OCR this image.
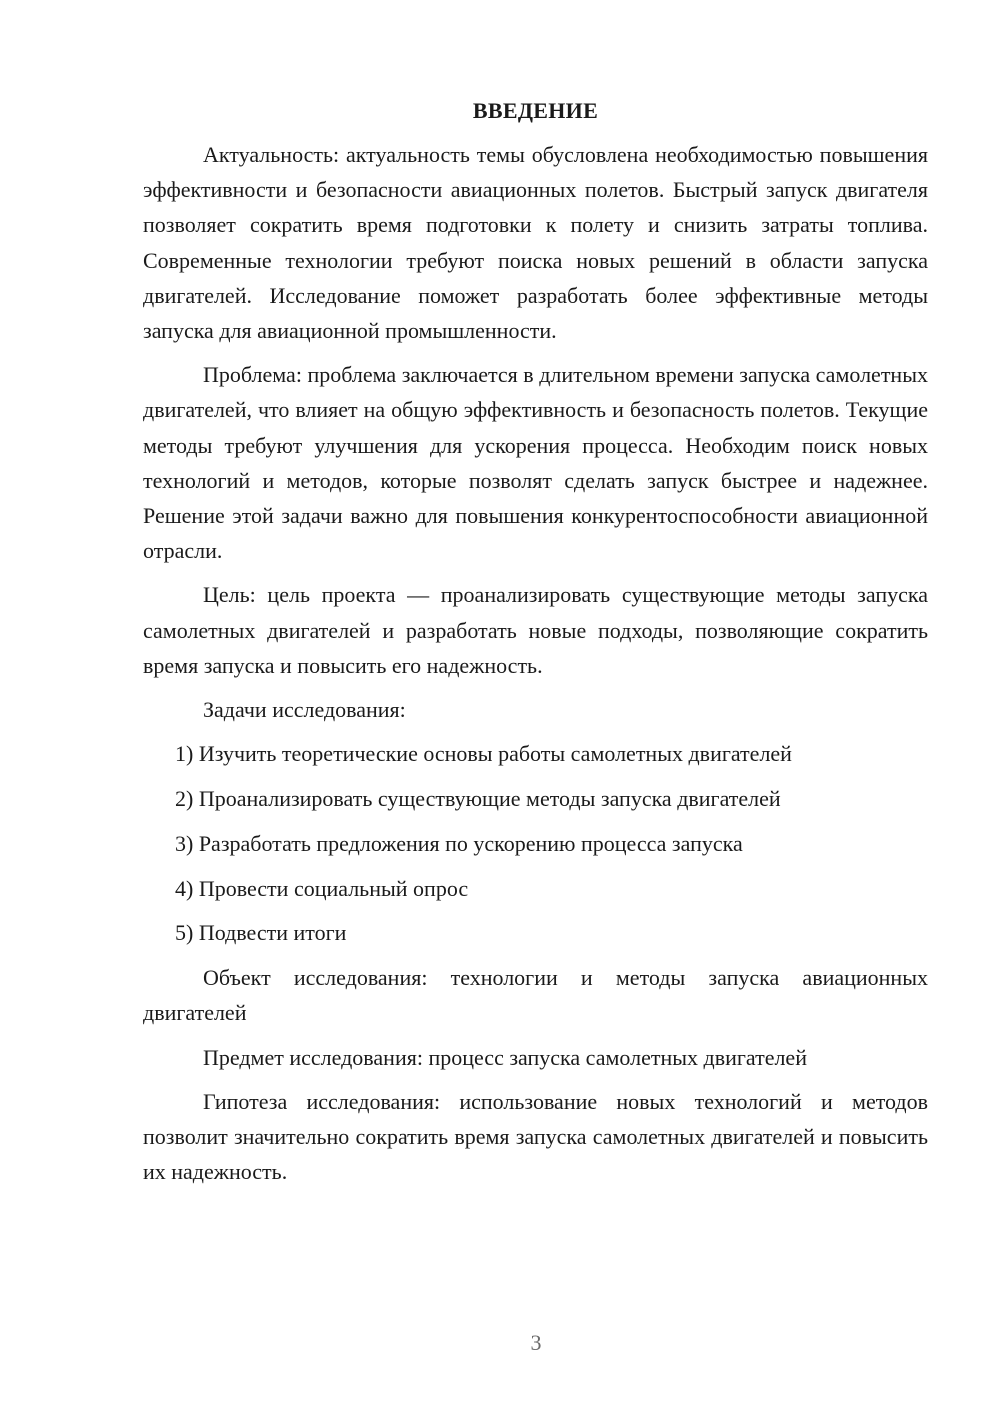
ВВЕДЕНИЕ

Актуальность: актуальность темы обусловлена необходимостью повышения эффективности и безопасности авиационных полетов. Быстрый запуск двигателя позволяет сократить время подготовки к полету и снизить затраты топлива. Современные технологии требуют поиска новых решений в области запуска двигателей. Исследование поможет разработать более эффективные методы запуска для авиационной промышленности.

Проблема: проблема заключается в длительном времени запуска самолетных двигателей, что влияет на общую эффективность и безопасность полетов. Текущие методы требуют улучшения для ускорения процесса. Необходим поиск новых технологий и методов, которые позволят сделать запуск быстрее и надежнее. Решение этой задачи важно для повышения конкурентоспособности авиационной отрасли.

Цель: цель проекта — проанализировать существующие методы запуска самолетных двигателей и разработать новые подходы, позволяющие сократить время запуска и повысить его надежность.

Задачи исследования:

1) Изучить теоретические основы работы самолетных двигателей
2) Проанализировать существующие методы запуска двигателей
3) Разработать предложения по ускорению процесса запуска
4) Провести социальный опрос
5) Подвести итоги

Объект исследования: технологии и методы запуска авиационных двигателей

Предмет исследования: процесс запуска самолетных двигателей

Гипотеза исследования: использование новых технологий и методов позволит значительно сократить время запуска самолетных двигателей и повысить их надежность.

3
